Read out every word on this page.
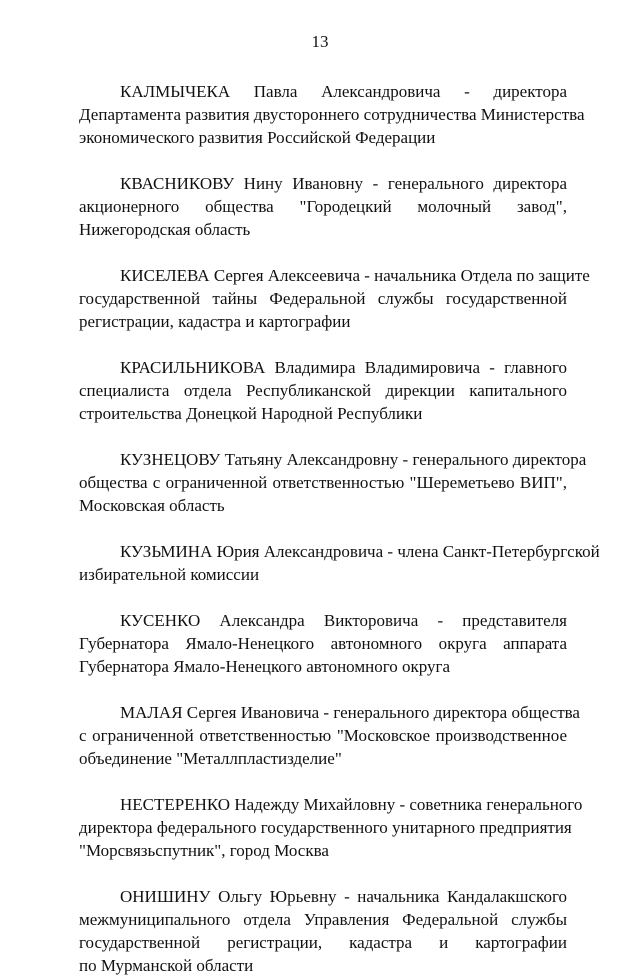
13

КАЛМЫЧЕКА Павла Александровича - директора
Департамента развития двустороннего сотрудничества Министерства
экономического развития Российской Федерации

КВАСНИКОВУ Нину Ивановну - генерального директора
акционерного общества "Городецкий молочный завод",
Нижегородская область

КИСЕЛЕВА Сергея Алексеевича - начальника Отдела по защите
государственной тайны Федеральной службы государственной
регистрации, кадастра и картографии

КРАСИЛЬНИКОВА Владимира Владимировича - главного
специалиста отдела Республиканской дирекции капитального
строительства Донецкой Народной Республики

КУЗНЕЦОВУ Татьяну Александровну - генерального директора
общества с ограниченной ответственностью "Шереметьево ВИП",
Московская область

КУЗЬМИНА Юрия Александровича - члена Санкт-Петербургской
избирательной комиссии

КУСЕНКО Александра Викторовича - представителя
Губернатора Ямало-Ненецкого автономного округа аппарата
Губернатора Ямало-Ненецкого автономного округа

МАЛАЯ Сергея Ивановича - генерального директора общества
с ограниченной ответственностью "Московское производственное
объединение "Металлпластизделие"

НЕСТЕРЕНКО Надежду Михайловну - советника генерального
директора федерального государственного унитарного предприятия
"Морсвязьспутник", город Москва

ОНИШИНУ Ольгу Юрьевну - начальника Кандалакшского
межмуниципального отдела Управления Федеральной службы
государственной регистрации, кадастра и картографии
по Мурманской области
